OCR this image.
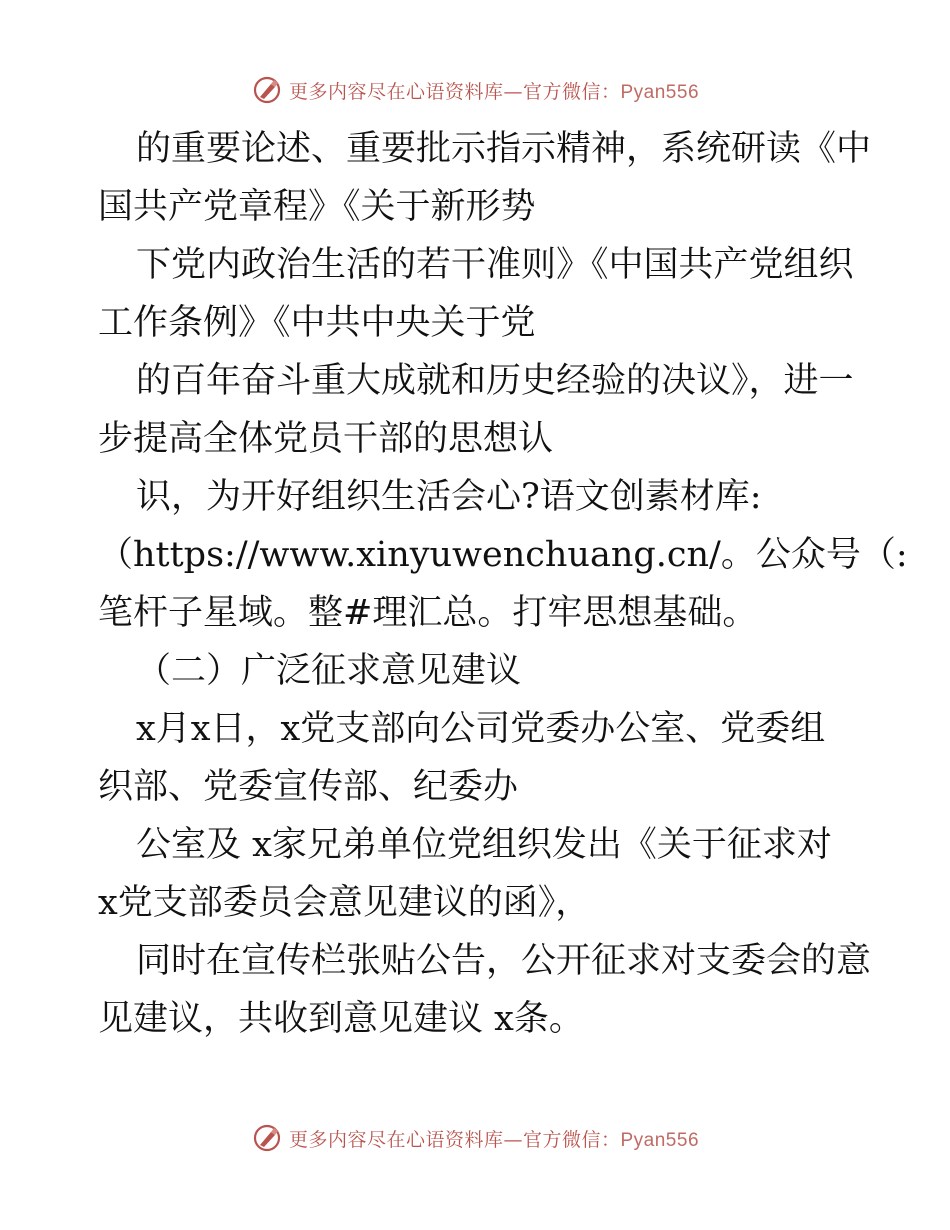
更多内容尽在心语资料库—官方微信：Pyan556
的重要论述、重要批示指示精神，系统研读《中
国共产党章程》《关于新形势
下党内政治生活的若干准则》《中国共产党组织
工作条例》《中共中央关于党
的百年奋斗重大成就和历史经验的决议》，进一
步提高全体党员干部的思想认
识，为开好组织生活会心?语文创素材库:
（https://www.xinyuwenchuang.cn/。公众号（:
笔杆子星域。整#理汇总。打牢思想基础。
（二）广泛征求意见建议
x月x日，x党支部向公司党委办公室、党委组
织部、党委宣传部、纪委办
公室及 x家兄弟单位党组织发出《关于征求对
x党支部委员会意见建议的函》，
同时在宣传栏张贴公告，公开征求对支委会的意
见建议，共收到意见建议 x条。
更多内容尽在心语资料库—官方微信：Pyan556
